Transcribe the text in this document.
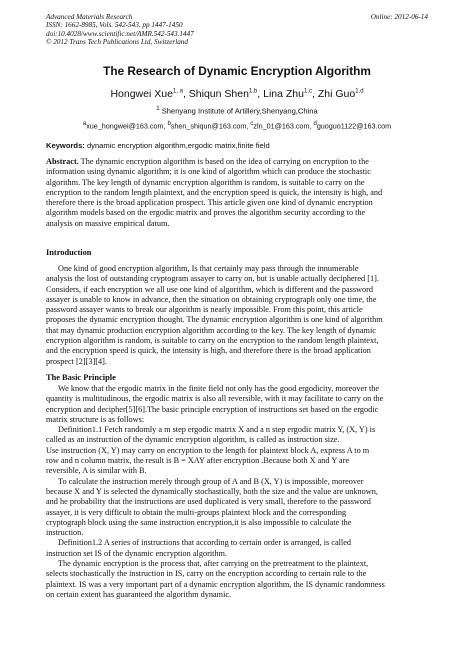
Advanced Materials Research
ISSN: 1662-8985, Vols. 542-543, pp 1447-1450
doi:10.4028/www.scientific.net/AMR.542-543.1447
© 2012 Trans Tech Publications Ltd, Switzerland
Online: 2012-06-14
The Research of Dynamic Encryption Algorithm
Hongwei Xue$^{1, a}$, Shiqun Shen$^{1,b}$, Lina Zhu$^{1,c}$, Zhi Guo$^{1,d}$
$^1$ Shenyang Institute of Artillery,Shenyang,China
$^a$xue_hongwei@163.com, $^b$shen_shiqun@163.com, $^c$zln_01@163.com, $^d$guoguo1122@163.com
Keywords: dynamic encryption algorithm,ergodic matrix,finite field
Abstract. The dynamic encryption algorithm is based on the idea of carrying on encryption to the
information using dynamic algorithm; it is one kind of algorithm which can produce the stochastic
algorithm. The key length of dynamic encryption algorithm is random, is suitable to carry on the
encryption to the random length plaintext, and the encryption speed is quick, the intensity is high, and
therefore there is the broad application prospect. This article given one kind of dynamic encryption
algorithm models based on the ergodic matrix and proves the algorithm security according to the
analysis on massive empirical datum.
Introduction
One kind of good encryption algorithm, Is that certainly may pass through the innumerable
analysis the lost of outstanding cryptogram assayer to carry on, but is unable actually deciphered [1].
Considers, if each encryption we all use one kind of algorithm, which is different and the password
assayer is unable to know in advance, then the situation on obtaining cryptograph only one time, the
password assayer wants to break our algorithm is nearly impossible. From this point, this article
proposes the dynamic encryption thought. The dynamic encryption algorithm is one kind of algorithm
that may dynamic production encryption algorithm according to the key. The key length of dynamic
encryption algorithm is random, is suitable to carry on the encryption to the random length plaintext,
and the encryption speed is quick, the intensity is high, and therefore there is the broad application
prospect [2][3][4].
The Basic Principle
We know that the ergodic matrix in the finite field not only has the good ergodicity, moreover the
quantity is multitudinous, the ergodic matrix is also all reversible, with it may facilitate to carry on the
encryption and decipher[5][6].The basic principle encryption of instructions set based on the ergodic
matrix structure is as follows:
Definition1.1 Fetch randomly a m step ergodic matrix X and a n step ergodic matrix Y, (X, Y) is
called as an instruction of the dynamic encryption algorithm, is called as instruction size.
Use instruction (X, Y) may carry on encryption to the length for plaintext block A, express A to m
row and n column matrix, the result is B = XAY after encryption .Because both X and Y are
reversible, A is similar with B.
To calculate the instruction merely through group of A and B (X, Y) is impossible, moreover
because X and Y is selected the dynamically stochastically, both the size and the value are unknown,
and he probability that the instructions are used duplicated is very small, therefore to the password
assayer, it is very difficult to obtain the multi-groups plaintext block and the corresponding
cryptograph block using the same instruction encryption,it is also impossible to calculate the
instruction.
Definition1.2 A series of instructions that according to certain order is arranged, is called
instruction set IS of the dynamic encryption algorithm.
The dynamic encryption is the process that, after carrying on the pretreatment to the plaintext,
selects stochastically the instruction in IS, carry on the encryption according to certain rule to the
plaintext. IS was a very important part of a dynamic encryption algorithm, the IS dynamic randomness
on certain extent has guaranteed the algorithm dynamic.
